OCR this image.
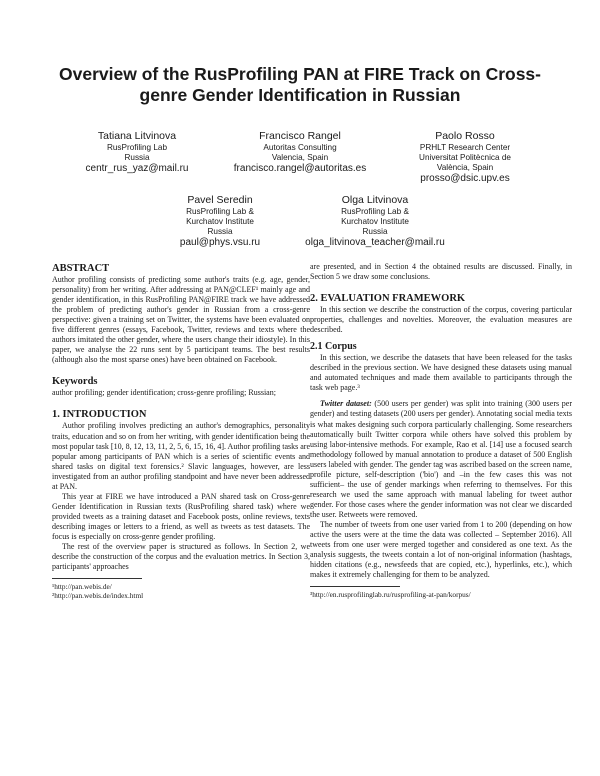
Overview of the RusProfiling PAN at FIRE Track on Cross-genre Gender Identification in Russian
Tatiana Litvinova
RusProfiling Lab
Russia
centr_rus_yaz@mail.ru
Francisco Rangel
Autoritas Consulting
Valencia, Spain
francisco.rangel@autoritas.es
Paolo Rosso
PRHLT Research Center
Universitat Politècnica de
València, Spain
prosso@dsic.upv.es
Pavel Seredin
RusProfiling Lab &
Kurchatov Institute
Russia
paul@phys.vsu.ru
Olga Litvinova
RusProfiling Lab &
Kurchatov Institute
Russia
olga_litvinova_teacher@mail.ru
ABSTRACT

Author profiling consists of predicting some author's traits (e.g. age, gender, personality) from her writing. After addressing at PAN@CLEF¹ mainly age and gender identification, in this RusProfiling PAN@FIRE track we have addressed the problem of predicting author's gender in Russian from a cross-genre perspective: given a training set on Twitter, the systems have been evaluated on five different genres (essays, Facebook, Twitter, reviews and texts where the authors imitated the other gender, where the users change their idiostyle). In this paper, we analyse the 22 runs sent by 5 participant teams. The best results (although also the most sparse ones) have been obtained on Facebook.

Keywords

author profiling; gender identification; cross-genre profiling; Russian;

1. INTRODUCTION

Author profiling involves predicting an author's demographics, personality traits, education and so on from her writing, with gender identification being the most popular task [10, 8, 12, 13, 11, 2, 5, 6, 15, 16, 4]. Author profiling tasks are popular among participants of PAN which is a series of scientific events and shared tasks on digital text forensics.² Slavic languages, however, are less investigated from an author profiling standpoint and have never been addressed at PAN.

This year at FIRE we have introduced a PAN shared task on Cross-genre Gender Identification in Russian texts (RusProfiling shared task) where we provided tweets as a training dataset and Facebook posts, online reviews, texts describing images or letters to a friend, as well as tweets as test datasets. The focus is especially on cross-genre gender profiling.

The rest of the overview paper is structured as follows. In Section 2, we describe the construction of the corpus and the evaluation metrics. In Section 3, participants' approaches

¹http://pan.webis.de/
²http://pan.webis.de/index.html

are presented, and in Section 4 the obtained results are discussed. Finally, in Section 5 we draw some conclusions.

2. EVALUATION FRAMEWORK

In this section we describe the construction of the corpus, covering particular properties, challenges and novelties. Moreover, the evaluation measures are described.

2.1 Corpus

In this section, we describe the datasets that have been released for the tasks described in the previous section. We have designed these datasets using manual and automated techniques and made them available to participants through the task web page.³

Twitter dataset: (500 users per gender) was split into training (300 users per gender) and testing datasets (200 users per gender). Annotating social media texts is what makes designing such corpora particularly challenging. Some researchers automatically built Twitter corpora while others have solved this problem by using labor-intensive methods. For example, Rao et al. [14] use a focused search methodology followed by manual annotation to produce a dataset of 500 English users labeled with gender. The gender tag was ascribed based on the screen name, profile picture, self-description ('bio') and –in the few cases this was not sufficient– the use of gender markings when referring to themselves. For this research we used the same approach with manual labeling for tweet author gender. For those cases where the gender information was not clear we discarded the user. Retweets were removed.

The number of tweets from one user varied from 1 to 200 (depending on how active the users were at the time the data was collected – September 2016). All tweets from one user were merged together and considered as one text. As the analysis suggests, the tweets contain a lot of non-original information (hashtags, hidden citations (e.g., newsfeeds that are copied, etc.), hyperlinks, etc.), which makes it extremely challenging for them to be analyzed.

³http://en.rusprofilinglab.ru/rusprofiling-at-pan/korpus/
